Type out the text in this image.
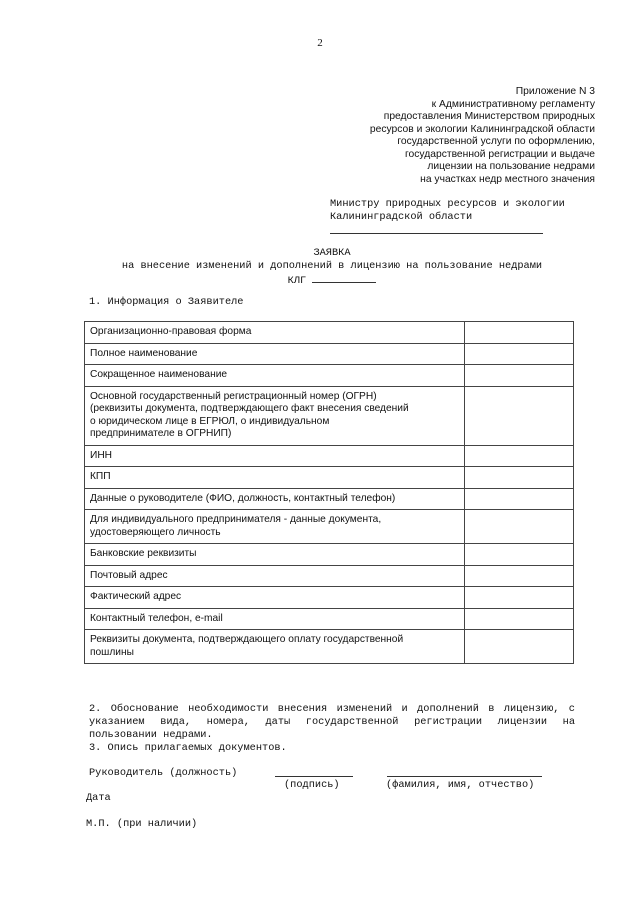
2
Приложение N 3
к Административному регламенту
предоставления Министерством природных
ресурсов и экологии Калининградской области
государственной услуги по оформлению,
государственной регистрации и выдаче
лицензии на пользование недрами
на участках недр местного значения
Министру природных ресурсов и экологии
Калининградской области
ЗАЯВКА
на внесение изменений и дополнений в лицензию на пользование недрами
КЛГ
1. Информация о Заявителе
Организационно-правовая форма	
Полное наименование	
Сокращенное наименование	
Основной государственный регистрационный номер (ОГРН) (реквизиты документа, подтверждающего факт внесения сведений о юридическом лице в ЕГРЮЛ, о индивидуальном предпринимателе в ОГРНИП)	
ИНН	
КПП	
Данные о руководителе (ФИО, должность, контактный телефон)	
Для индивидуального предпринимателя - данные документа, удостоверяющего личность	
Банковские реквизиты	
Почтовый адрес	
Фактический адрес	
Контактный телефон, e-mail	
Реквизиты документа, подтверждающего оплату государственной пошлины	
2. Обоснование необходимости внесения изменений и дополнений в лицензию, с
указанием вида, номера, даты государственной регистрации лицензии на
пользовании недрами.
3. Опись прилагаемых документов.
Руководитель (должность)
(подпись)	(фамилия, имя, отчество)
Дата
М.П. (при наличии)
